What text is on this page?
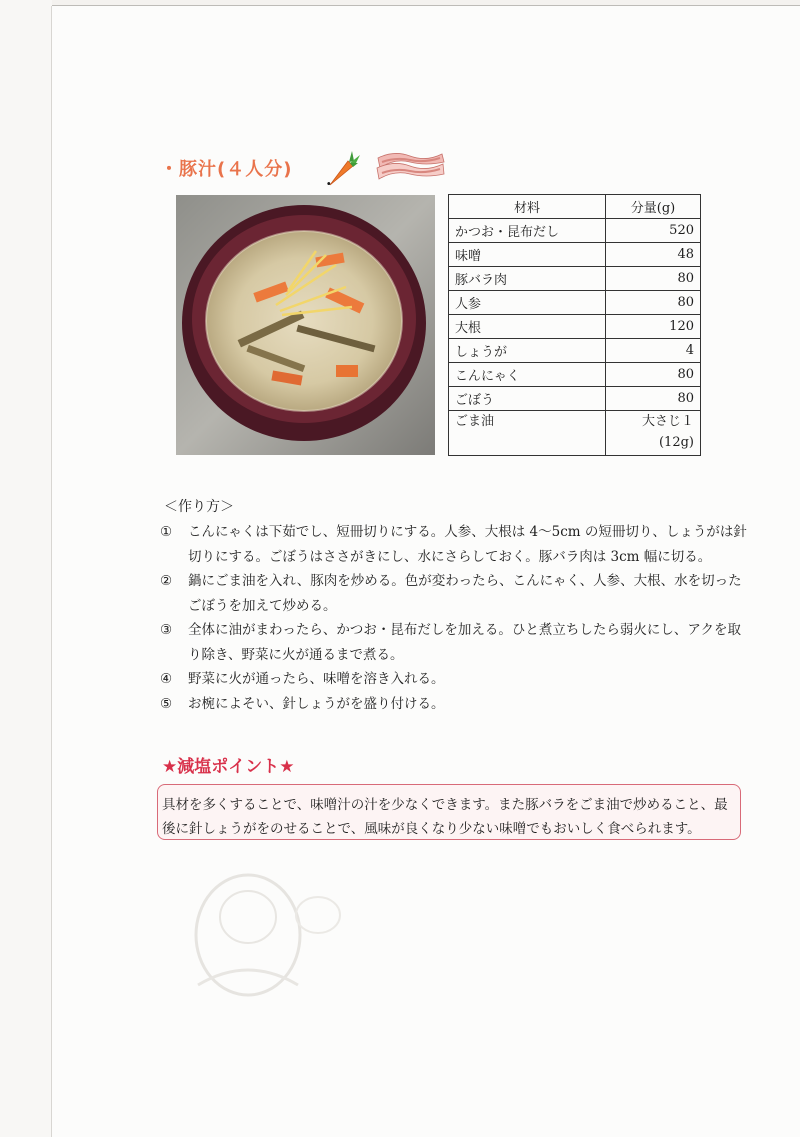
・豚汁(４人分) .
材料	分量(g)
かつお・昆布だし	520
味噌	48
豚バラ肉	80
人参	80
大根	120
しょうが	4
こんにゃく	80
ごぼう	80
ごま油	大さじ１
(12g)
＜作り方＞
① こんにゃくは下茹でし、短冊切りにする。人参、大根は 4～5cm の短冊切り、しょうがは針切りにする。ごぼうはささがきにし、水にさらしておく。豚バラ肉は 3cm 幅に切る。
② 鍋にごま油を入れ、豚肉を炒める。色が変わったら、こんにゃく、人参、大根、水を切ったごぼうを加えて炒める。
③ 全体に油がまわったら、かつお・昆布だしを加える。ひと煮立ちしたら弱火にし、アクを取り除き、野菜に火が通るまで煮る。
④ 野菜に火が通ったら、味噌を溶き入れる。
⑤ お椀によそい、針しょうがを盛り付ける。
★減塩ポイント★
具材を多くすることで、味噌汁の汁を少なくできます。また豚バラをごま油で炒めること、最後に針しょうがをのせることで、風味が良くなり少ない味噌でもおいしく食べられます。
